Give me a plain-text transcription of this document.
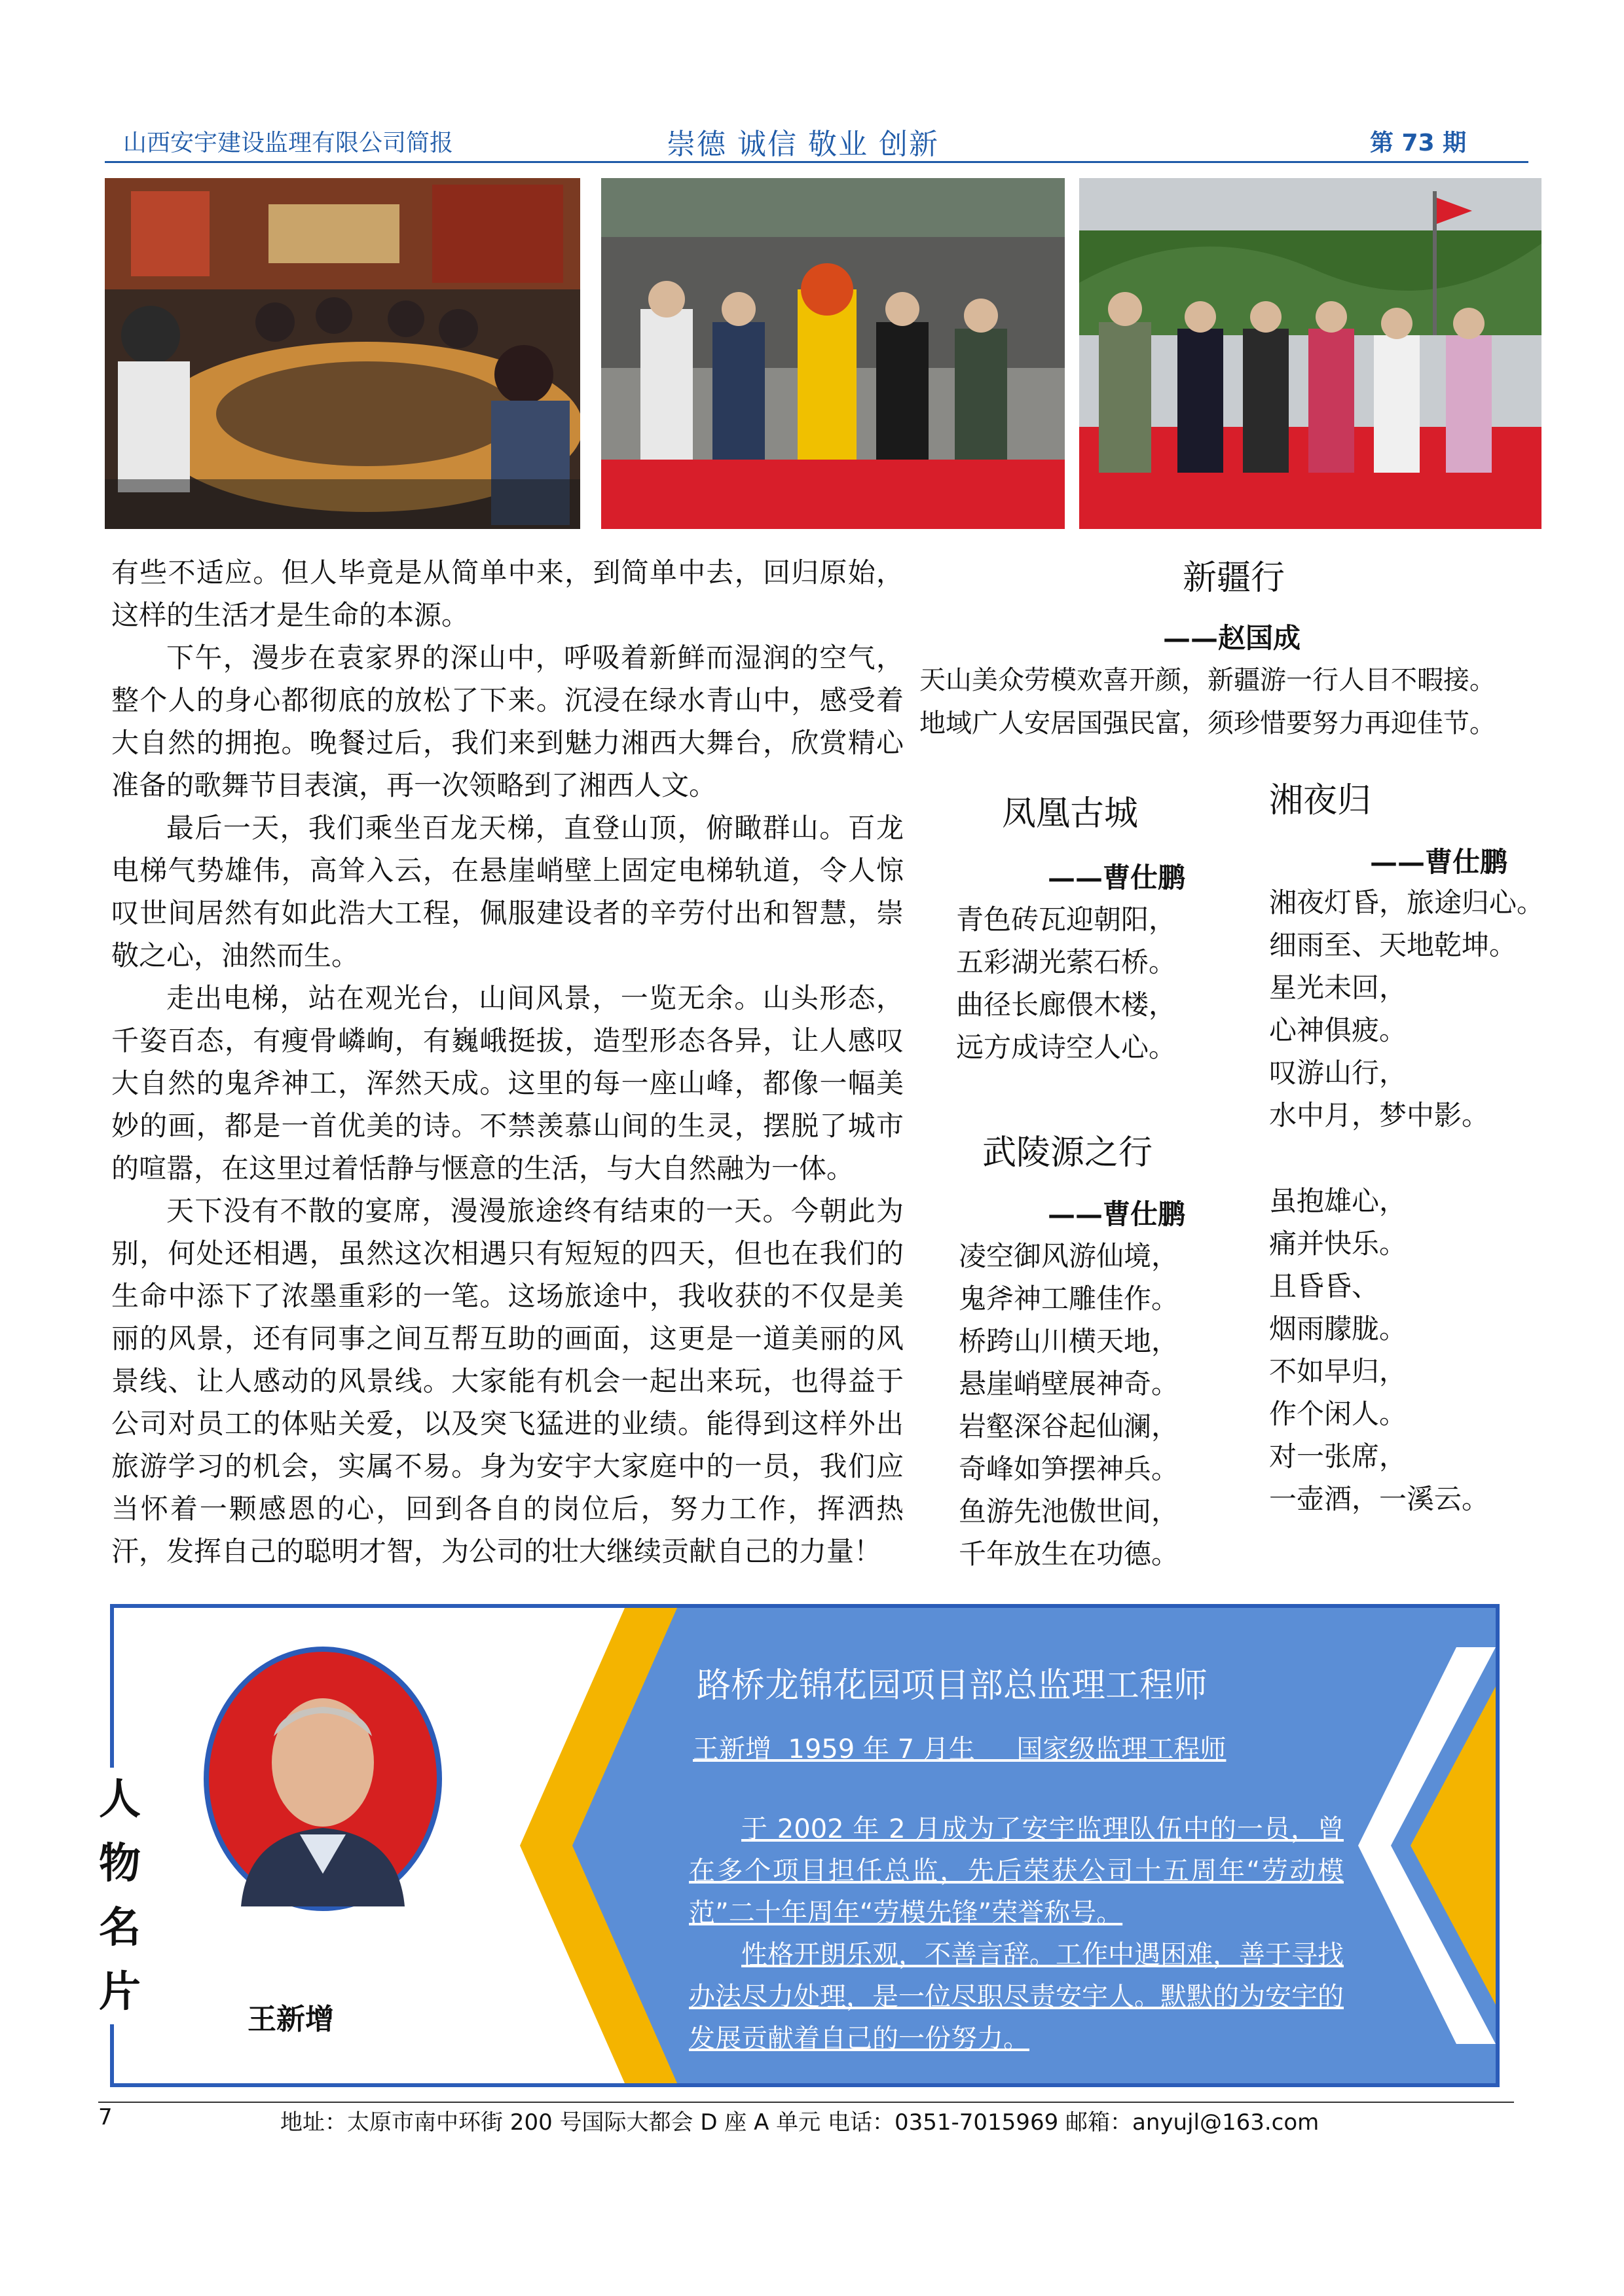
山西安宇建设监理有限公司简报	崇德 诚信 敬业 创新	第 73 期

有些不适应。但人毕竟是从简单中来，到简单中去，回归原始，这样的生活才是生命的本源。

下午，漫步在袁家界的深山中，呼吸着新鲜而湿润的空气，整个人的身心都彻底的放松了下来。沉浸在绿水青山中，感受着大自然的拥抱。晚餐过后，我们来到魅力湘西大舞台，欣赏精心准备的歌舞节目表演，再一次领略到了湘西人文。

最后一天，我们乘坐百龙天梯，直登山顶，俯瞰群山。百龙电梯气势雄伟，高耸入云，在悬崖峭壁上固定电梯轨道，令人惊叹世间居然有如此浩大工程，佩服建设者的辛劳付出和智慧，崇敬之心，油然而生。

走出电梯，站在观光台，山间风景，一览无余。山头形态，千姿百态，有瘦骨嶙峋，有巍峨挺拔，造型形态各异，让人感叹大自然的鬼斧神工，浑然天成。这里的每一座山峰，都像一幅美妙的画，都是一首优美的诗。不禁羡慕山间的生灵，摆脱了城市的喧嚣，在这里过着恬静与惬意的生活，与大自然融为一体。

天下没有不散的宴席，漫漫旅途终有结束的一天。今朝此为别，何处还相遇，虽然这次相遇只有短短的四天，但也在我们的生命中添下了浓墨重彩的一笔。这场旅途中，我收获的不仅是美丽的风景，还有同事之间互帮互助的画面，这更是一道美丽的风景线、让人感动的风景线。大家能有机会一起出来玩，也得益于公司对员工的体贴关爱，以及突飞猛进的业绩。能得到这样外出旅游学习的机会，实属不易。身为安宇大家庭中的一员，我们应当怀着一颗感恩的心，回到各自的岗位后，努力工作，挥洒热汗，发挥自己的聪明才智，为公司的壮大继续贡献自己的力量！

新疆行
——赵国成
天山美众劳模欢喜开颜，新疆游一行人目不暇接。
地域广人安居国强民富，须珍惜要努力再迎佳节。
凤凰古城
——曹仕鹏

青色砖瓦迎朝阳，

五彩湖光萦石桥。

曲径长廊偎木楼，

远方成诗空人心。

武陵源之行
——曹仕鹏

凌空御风游仙境，

鬼斧神工雕佳作。

桥跨山川横天地，

悬崖峭壁展神奇。

岩壑深谷起仙澜，

奇峰如笋摆神兵。

鱼游先池傲世间，

千年放生在功德。

湘夜归
——曹仕鹏

湘夜灯昏，旅途归心。

细雨至、天地乾坤。

星光未回，

心神俱疲。

叹游山行，

水中月，梦中影。

虽抱雄心，

痛并快乐。

且昏昏、

烟雨朦胧。

不如早归，

作个闲人。

对一张席，

一壶酒，一溪云。

人
物
名
片
王新增
路桥龙锦花园项目部总监理工程师
王新增  1959 年 7 月生     国家级监理工程师

于 2002 年 2 月成为了安宇监理队伍中的一员，曾在多个项目担任总监，先后荣获公司十五周年“劳动模范”二十年周年“劳模先锋”荣誉称号。

性格开朗乐观，不善言辞。工作中遇困难，善于寻找办法尽力处理，是一位尽职尽责安宇人。默默的为安宇的发展贡献着自己的一份努力。

7	地址：太原市南中环街 200 号国际大都会 D 座 A 单元 电话：0351-7015969 邮箱：anyujl@163.com
